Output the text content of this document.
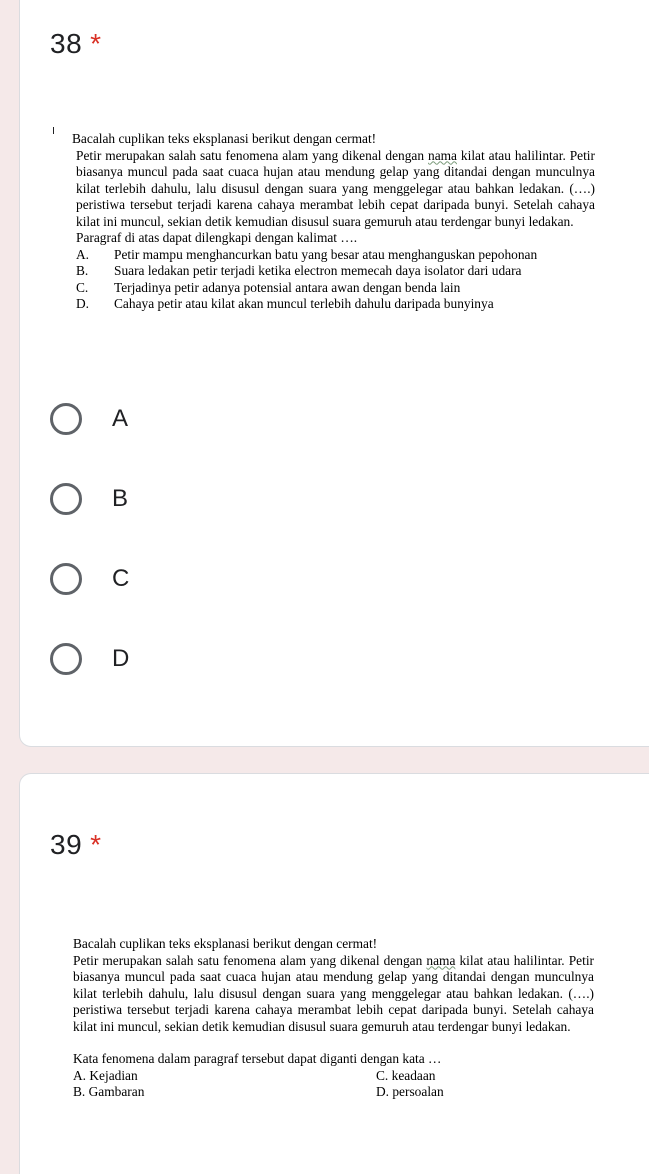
38 *

Bacalah cuplikan teks eksplanasi berikut dengan cermat!

Petir merupakan salah satu fenomena alam yang dikenal dengan nama kilat atau halilintar. Petir biasanya muncul pada saat cuaca hujan atau mendung gelap yang ditandai dengan munculnya kilat terlebih dahulu, lalu disusul dengan suara yang menggelegar atau bahkan ledakan. (….) peristiwa tersebut terjadi karena cahaya merambat lebih cepat daripada bunyi. Setelah cahaya kilat ini muncul, sekian detik kemudian disusul suara gemuruh atau terdengar bunyi ledakan.

Paragraf di atas dapat dilengkapi dengan kalimat ….

A.	Petir mampu menghancurkan batu yang besar atau menghanguskan pepohonan
B.	Suara ledakan petir terjadi ketika electron memecah daya isolator dari udara
C.	Terjadinya petir adanya potensial antara awan dengan benda lain
D.	Cahaya petir atau kilat akan muncul terlebih dahulu daripada bunyinya
A
B
C
D
39 *

Bacalah cuplikan teks eksplanasi berikut dengan cermat!

Petir merupakan salah satu fenomena alam yang dikenal dengan nama kilat atau halilintar. Petir biasanya muncul pada saat cuaca hujan atau mendung gelap yang ditandai dengan munculnya kilat terlebih dahulu, lalu disusul dengan suara yang menggelegar atau bahkan ledakan. (….) peristiwa tersebut terjadi karena cahaya merambat lebih cepat daripada bunyi. Setelah cahaya kilat ini muncul, sekian detik kemudian disusul suara gemuruh atau terdengar bunyi ledakan.

Kata fenomena dalam paragraf tersebut dapat diganti dengan kata …

A. Kejadian	C. keadaan
B. Gambaran	D. persoalan
